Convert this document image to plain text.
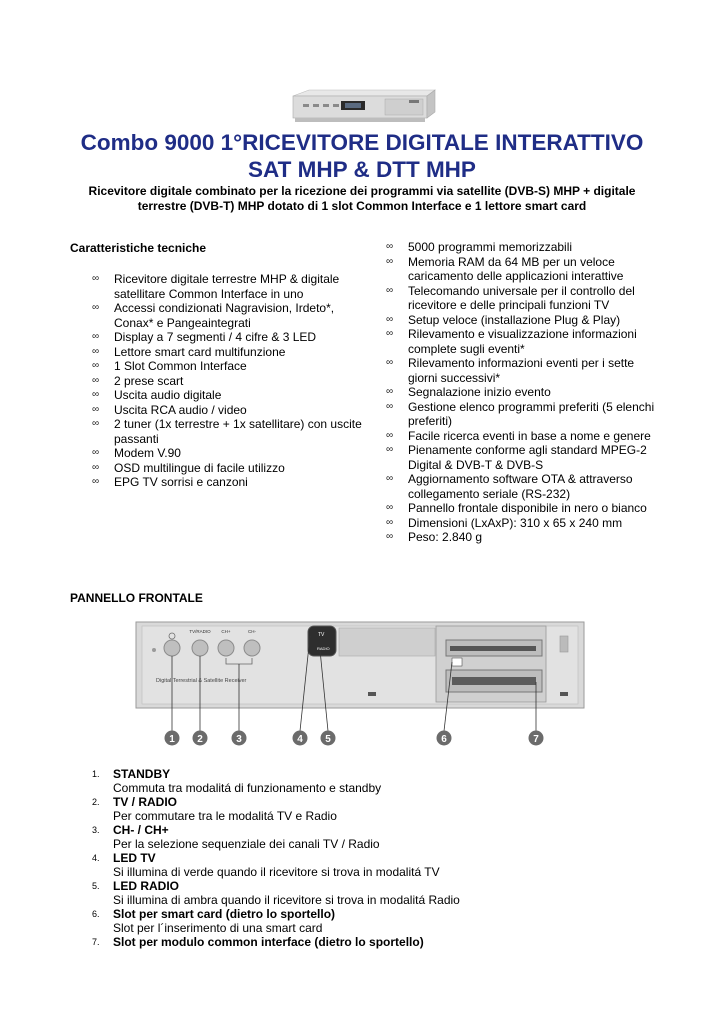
Combo 9000 1°RICEVITORE DIGITALE INTERATTIVO
SAT MHP & DTT MHP
Ricevitore digitale combinato per la ricezione dei programmi via satellite (DVB-S) MHP + digitale
terrestre (DVB-T) MHP dotato di 1 slot Common Interface e 1 lettore smart card
Caratteristiche tecniche
∞ Ricevitore digitale terrestre MHP & digitale satellitare Common Interface in uno
∞ Accessi condizionati Nagravision, Irdeto*, Conax* e Pangeaintegrati
∞ Display a 7 segmenti / 4 cifre & 3 LED
∞ Lettore smart card multifunzione
∞ 1 Slot Common Interface
∞ 2 prese scart
∞ Uscita audio digitale
∞ Uscita RCA audio / video
∞ 2 tuner (1x terrestre + 1x satellitare) con uscite passanti
∞ Modem V.90
∞ OSD multilingue di facile utilizzo
∞ EPG TV sorrisi e canzoni
∞ 5000 programmi memorizzabili
∞ Memoria RAM da 64 MB per un veloce caricamento delle applicazioni interattive
∞ Telecomando universale per il controllo del ricevitore e delle principali funzioni TV
∞ Setup veloce (installazione Plug & Play)
∞ Rilevamento e visualizzazione informazioni complete sugli eventi*
∞ Rilevamento informazioni eventi per i sette giorni successivi*
∞ Segnalazione inizio evento
∞ Gestione elenco programmi preferiti (5 elenchi preferiti)
∞ Facile ricerca eventi in base a nome e genere
∞ Pienamente conforme agli standard MPEG-2 Digital & DVB-T & DVB-S
∞ Aggiornamento software OTA & attraverso collegamento seriale (RS-232)
∞ Pannello frontale disponibile in nero o bianco
∞ Dimensioni (LxAxP): 310 x 65 x 240 mm
∞ Peso: 2.840 g
PANNELLO FRONTALE
TV/RADIO CH+	CH-
TV
RADIO
Digital Terrestrial & Satellite Receiver
1 2	3	4 5	6	7
1. STANDBY
Commuta tra modalitá di funzionamento e standby
2. TV / RADIO
Per commutare tra le modalitá TV e Radio
3. CH- / CH+
Per la selezione sequenziale dei canali TV / Radio
4. LED TV
Si illumina di verde quando il ricevitore si trova in modalitá TV
5. LED RADIO
Si illumina di ambra quando il ricevitore si trova in modalitá Radio
6. Slot per smart card (dietro lo sportello)
Slot per l´inserimento di una smart card
7. Slot per modulo common interface (dietro lo sportello)
